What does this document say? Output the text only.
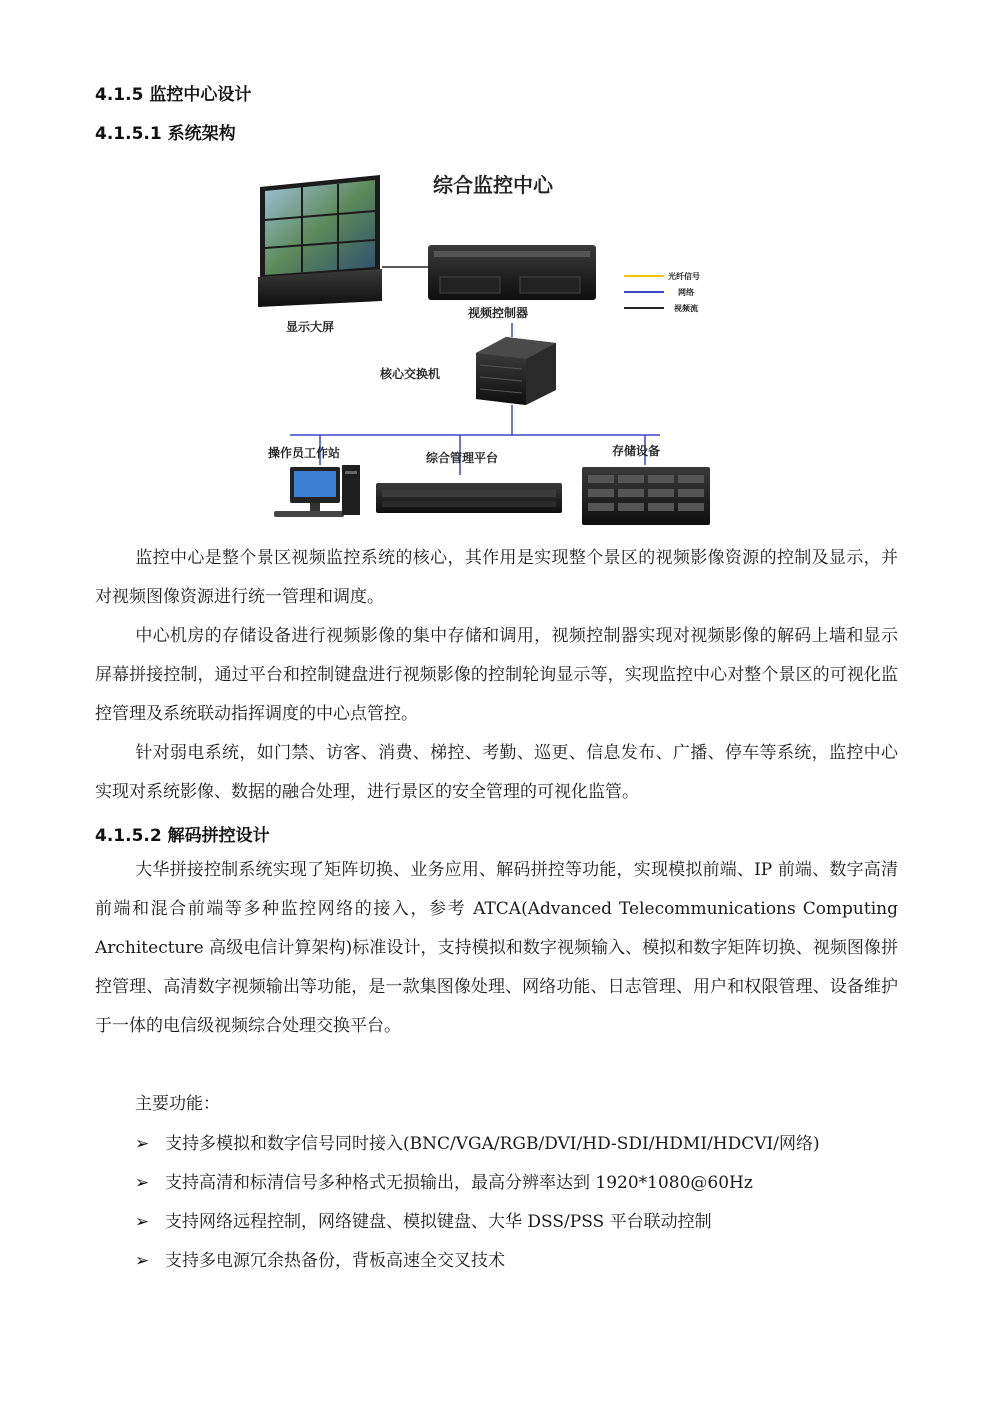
4.1.5 监控中心设计
4.1.5.1 系统架构
综合监控中心
显示大屏
视频控制器
光纤信号
网络
视频流
核心交换机
操作员工作站	综合管理平台	存储设备

监控中心是整个景区视频监控系统的核心，其作用是实现整个景区的视频影像资源的控制及显示，并对视频图像资源进行统一管理和调度。

中心机房的存储设备进行视频影像的集中存储和调用，视频控制器实现对视频影像的解码上墙和显示屏幕拼接控制，通过平台和控制键盘进行视频影像的控制轮询显示等，实现监控中心对整个景区的可视化监控管理及系统联动指挥调度的中心点管控。

针对弱电系统，如门禁、访客、消费、梯控、考勤、巡更、信息发布、广播、停车等系统，监控中心实现对系统影像、数据的融合处理，进行景区的安全管理的可视化监管。

4.1.5.2 解码拼控设计

大华拼接控制系统实现了矩阵切换、业务应用、解码拼控等功能，实现模拟前端、IP 前端、数字高清前端和混合前端等多种监控网络的接入，参考 ATCA(Advanced Telecommunications Computing Architecture 高级电信计算架构)标准设计，支持模拟和数字视频输入、模拟和数字矩阵切换、视频图像拼控管理、高清数字视频输出等功能，是一款集图像处理、网络功能、日志管理、用户和权限管理、设备维护于一体的电信级视频综合处理交换平台。

主要功能：

➢ 支持多模拟和数字信号同时接入(BNC/VGA/RGB/DVI/HD-SDI/HDMI/HDCVI/网络)
➢ 支持高清和标清信号多种格式无损输出，最高分辨率达到 1920*1080@60Hz
➢ 支持网络远程控制，网络键盘、模拟键盘、大华 DSS/PSS 平台联动控制
➢ 支持多电源冗余热备份，背板高速全交叉技术
